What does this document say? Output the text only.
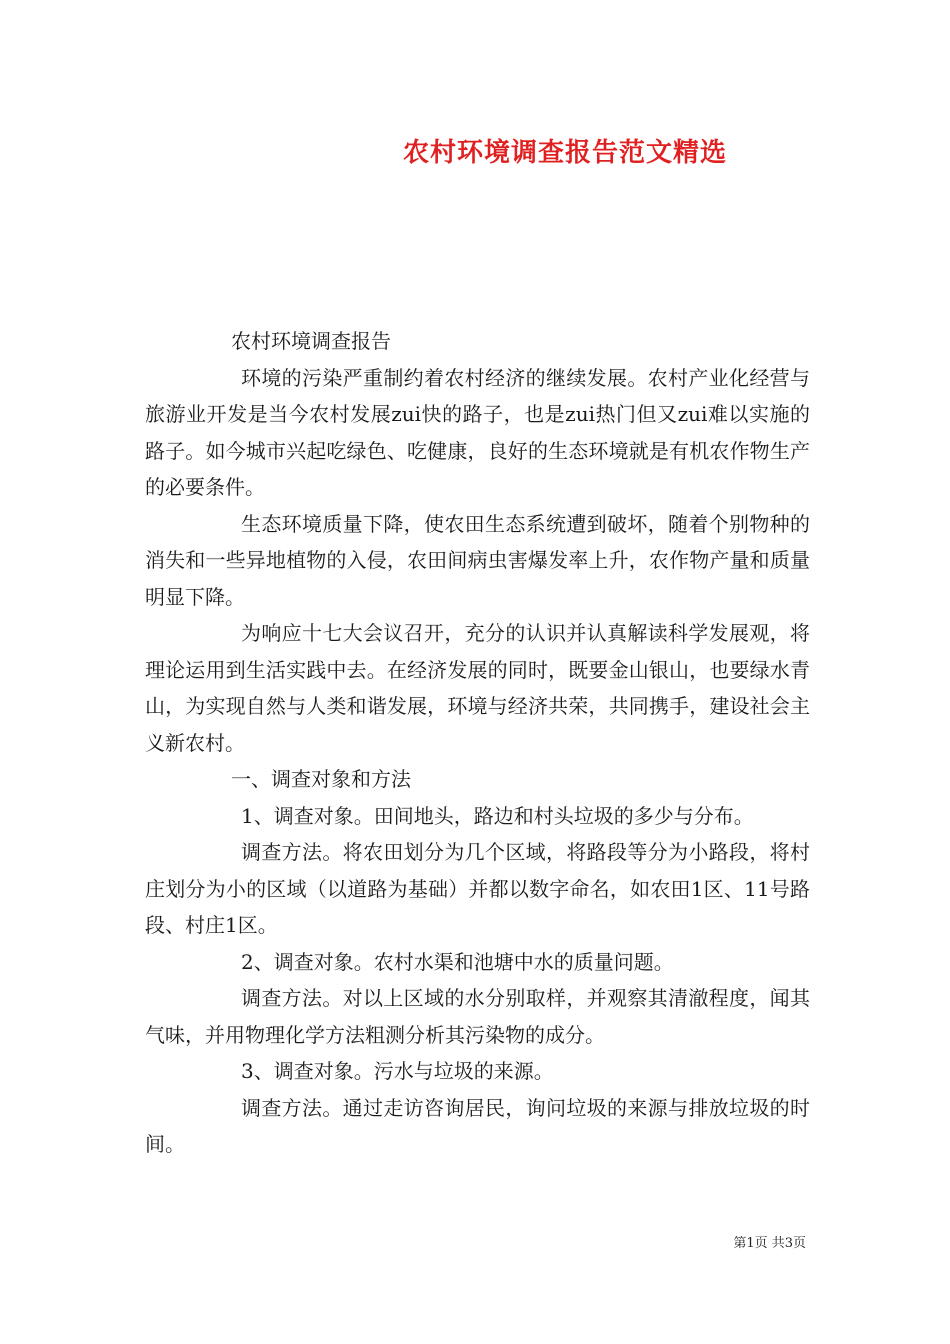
农村环境调查报告范文精选

农村环境调查报告

环境的污染严重制约着农村经济的继续发展。农村产业化经营与旅游业开发是当今农村发展zui快的路子，也是zui热门但又zui难以实施的路子。如今城市兴起吃绿色、吃健康，良好的生态环境就是有机农作物生产的必要条件。

生态环境质量下降，使农田生态系统遭到破坏，随着个别物种的消失和一些异地植物的入侵，农田间病虫害爆发率上升，农作物产量和质量明显下降。

为响应十七大会议召开，充分的认识并认真解读科学发展观，将理论运用到生活实践中去。在经济发展的同时，既要金山银山，也要绿水青山，为实现自然与人类和谐发展，环境与经济共荣，共同携手，建设社会主义新农村。

一、调查对象和方法

1、调查对象。田间地头，路边和村头垃圾的多少与分布。

调查方法。将农田划分为几个区域，将路段等分为小路段，将村庄划分为小的区域（以道路为基础）并都以数字命名，如农田1区、11号路段、村庄1区。

2、调查对象。农村水渠和池塘中水的质量问题。

调查方法。对以上区域的水分别取样，并观察其清澈程度，闻其气味，并用物理化学方法粗测分析其污染物的成分。

3、调查对象。污水与垃圾的来源。

调查方法。通过走访咨询居民，询问垃圾的来源与排放垃圾的时间。

第1页 共3页
